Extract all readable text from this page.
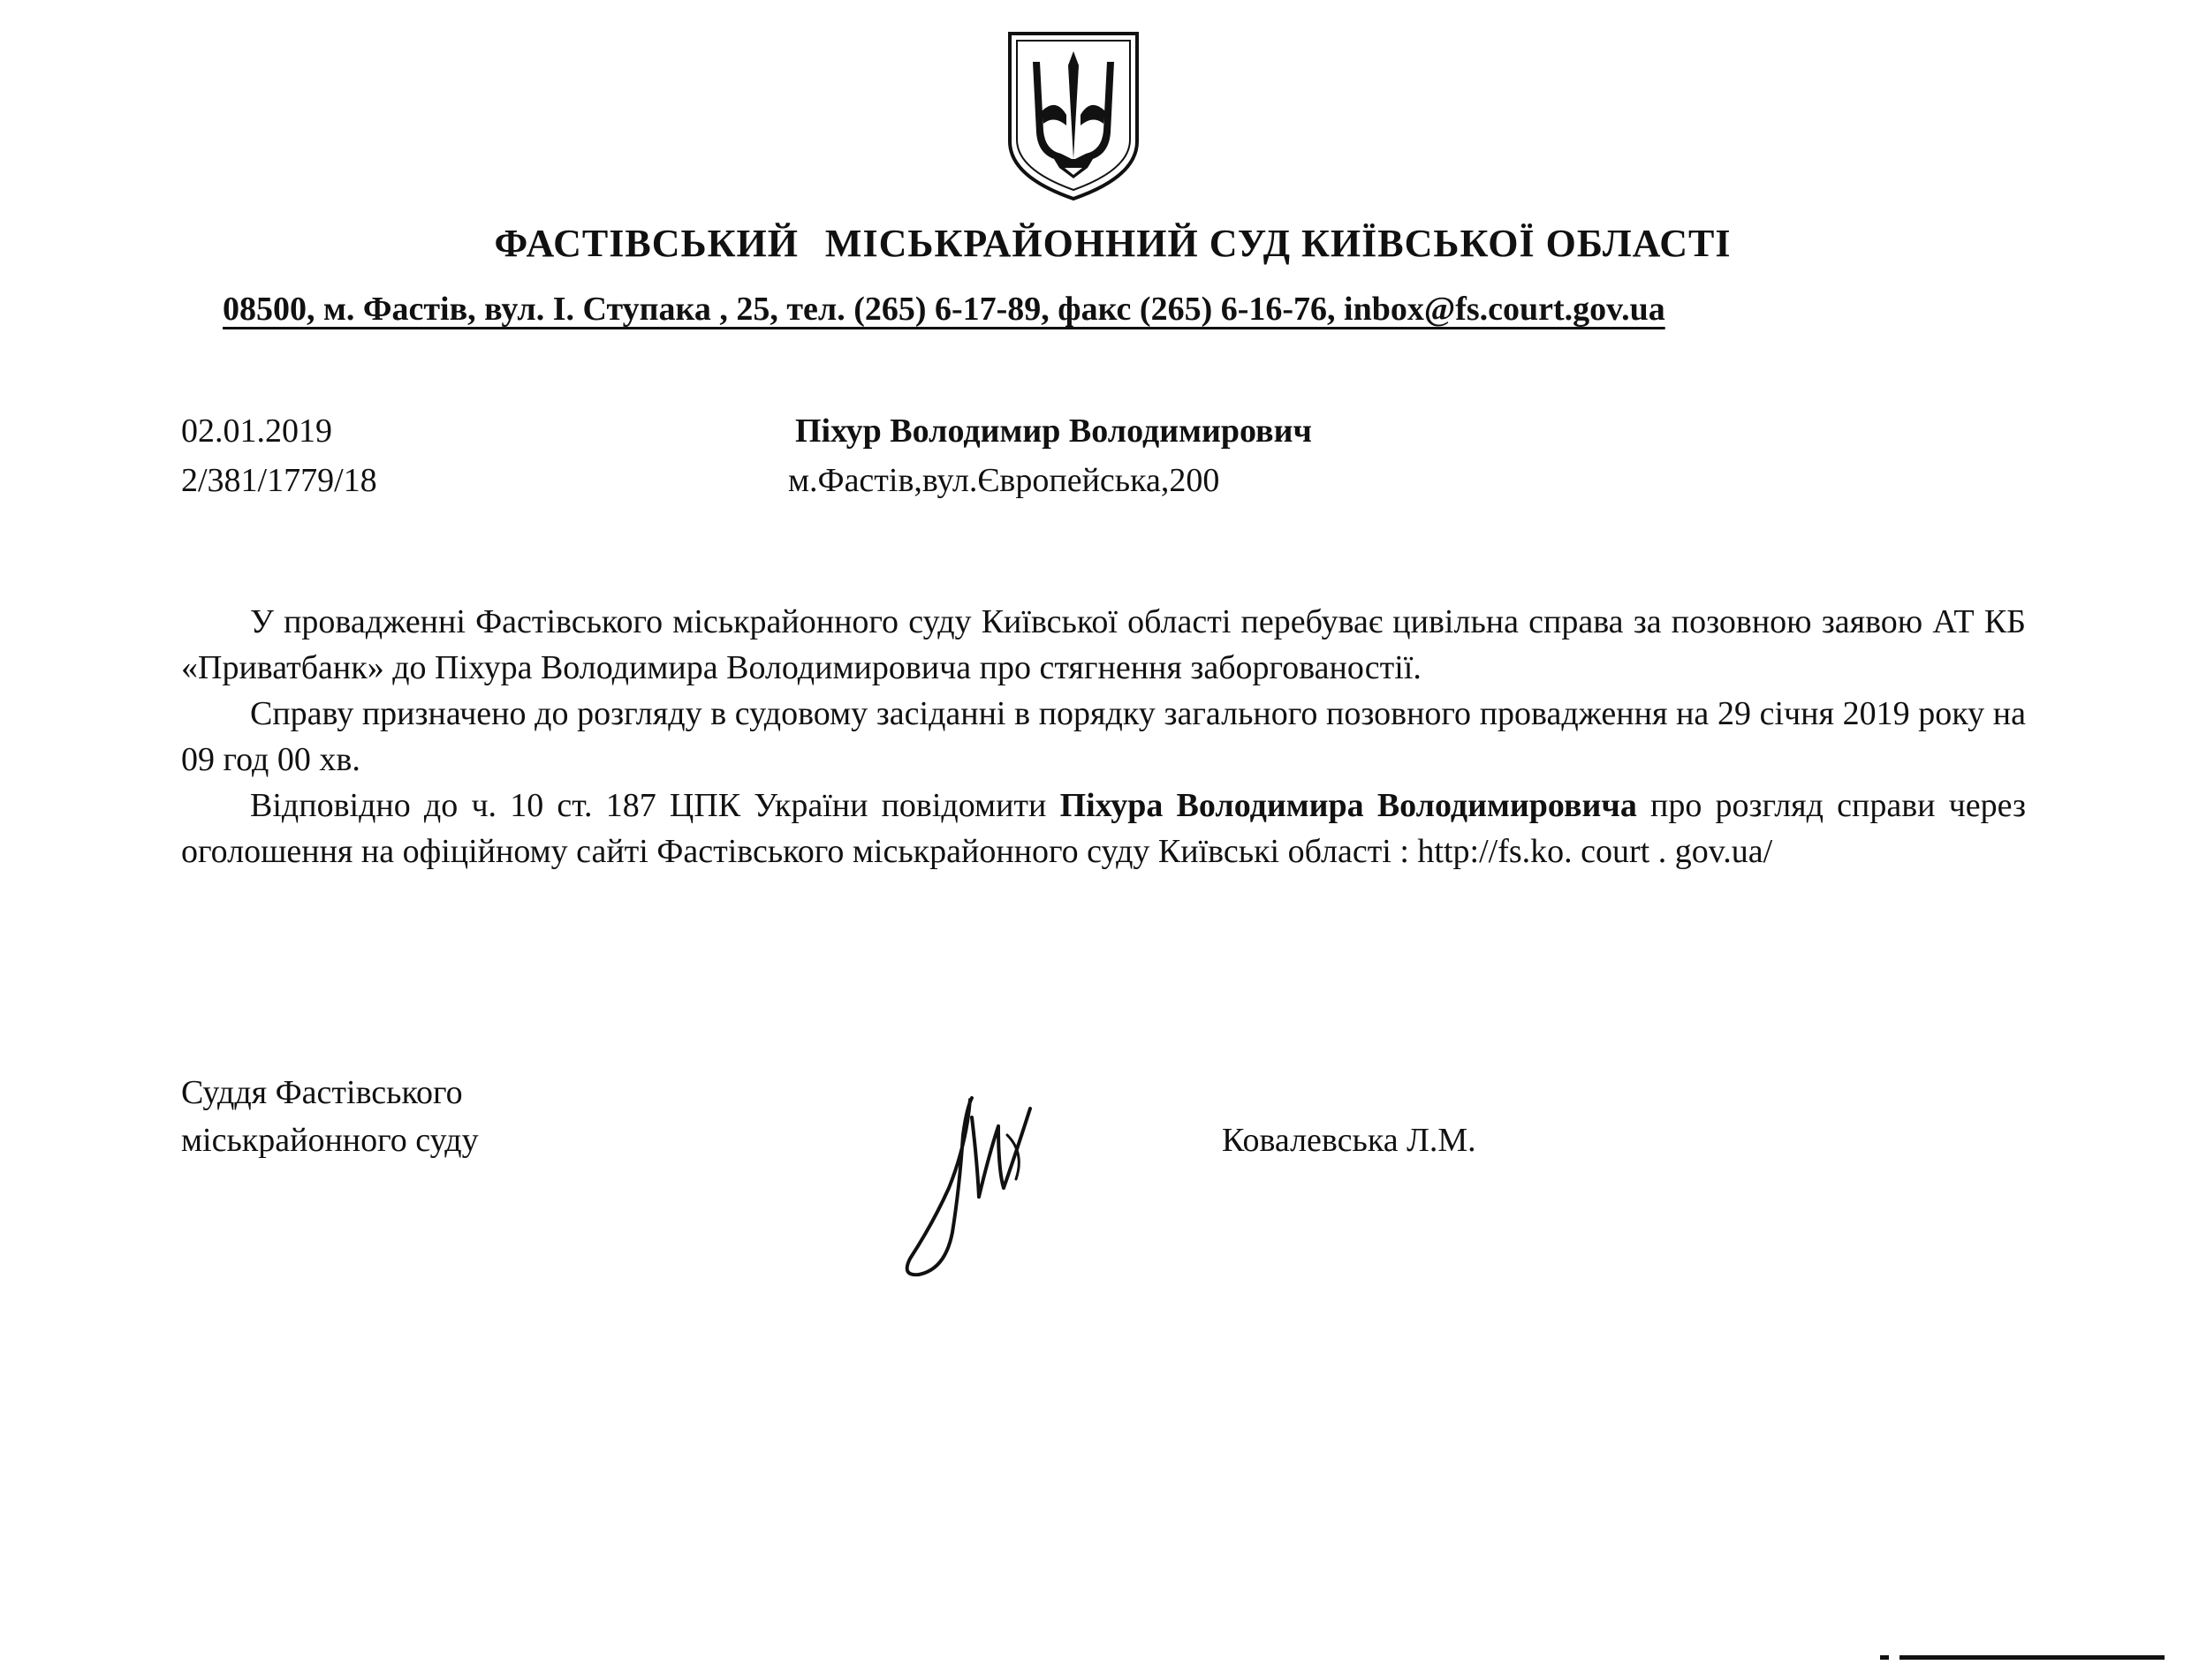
ФАСТІВСЬКИЙ МІСЬКРАЙОННИЙ СУД КИЇВСЬКОЇ ОБЛАСТІ
08500, м. Фастів, вул. І. Ступака , 25, тел. (265) 6-17-89, факс (265) 6-16-76, inbox@fs.court.gov.ua
02.01.2019
2/381/1779/18
Піхур Володимир Володимирович
м.Фастів,вул.Європейська,200

У провадженні Фастівського міськрайонного суду Київської області перебуває цивільна справа за позовною заявою АТ КБ «Приватбанк» до Піхура Володимира Володимировича про стягнення заборгованостії.

Справу призначено до розгляду в судовому засіданні в порядку загального позовного провадження на 29 січня 2019 року на 09 год 00 хв.

Відповідно до ч. 10 ст. 187 ЦПК України повідомити Піхура Володимира Володимировича про розгляд справи через оголошення на офіційному сайті Фастівського міськрайонного суду Київські області : http://fs.ko. court . gov.ua/

Суддя Фастівського
міськрайонного суду	Ковалевська Л.М.
